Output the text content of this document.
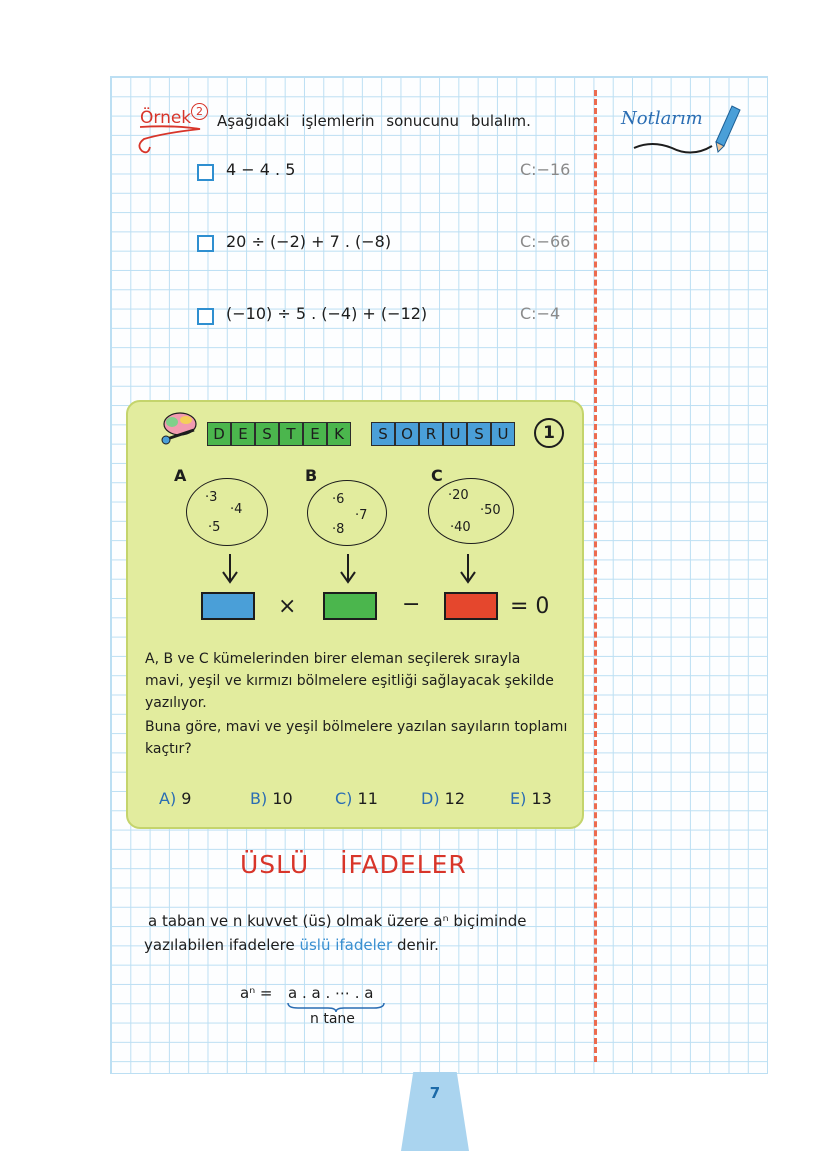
Örnek 2
Aşağıdaki işlemlerin sonucunu bulalım.	Notlarım
4 − 4 . 5	C:−16
20 ÷ (−2) + 7 . (−8)	C:−66
(−10) ÷ 5 . (−4) + (−12)	C:−4
D E S T E K	S O R U S U	1
A
·3
·4
·5
B
·6
·7
·8
C
·20
·50
·40
×	−	= 0
A, B ve C kümelerinden birer eleman seçilerek sırayla
mavi, yeşil ve kırmızı bölmelere eşitliği sağlayacak şekilde
yazılıyor.
Buna göre, mavi ve yeşil bölmelere yazılan sayıların toplamı
kaçtır?
A) 9	B) 10	C) 11	D) 12	E) 13
ÜSLÜ İFADELER
a taban ve n kuvvet (üs) olmak üzere aⁿ biçiminde
yazılabilen ifadelere üslü ifadeler denir.
aⁿ = a . a . ⋯ . a
n tane
7
